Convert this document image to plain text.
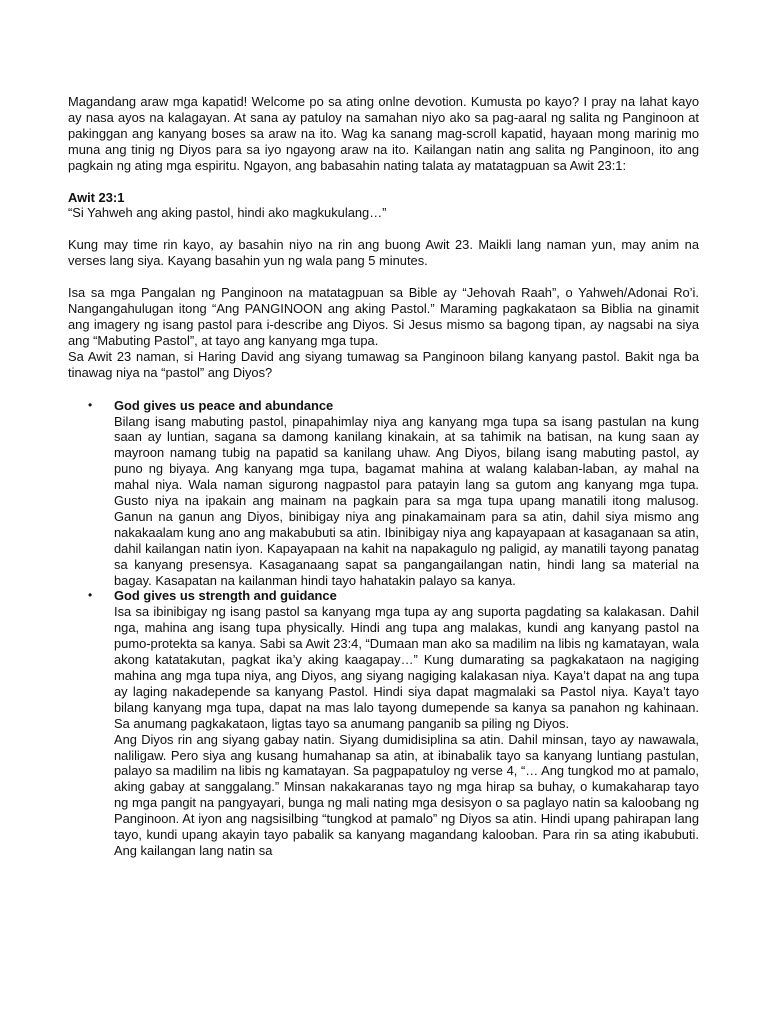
Magandang araw mga kapatid! Welcome po sa ating onlne devotion. Kumusta po kayo? I pray na lahat kayo ay nasa ayos na kalagayan. At sana ay patuloy na samahan niyo ako sa pag-aaral ng salita ng Panginoon at pakinggan ang kanyang boses sa araw na ito. Wag ka sanang mag-scroll kapatid, hayaan mong marinig mo muna ang tinig ng Diyos para sa iyo ngayong araw na ito. Kailangan natin ang salita ng Panginoon, ito ang pagkain ng ating mga espiritu. Ngayon, ang babasahin nating talata ay matatagpuan sa Awit 23:1:

Awit 23:1

“Si Yahweh ang aking pastol, hindi ako magkukulang…”

Kung may time rin kayo, ay basahin niyo na rin ang buong Awit 23. Maikli lang naman yun, may anim na verses lang siya. Kayang basahin yun ng wala pang 5 minutes.

Isa sa mga Pangalan ng Panginoon na matatagpuan sa Bible ay “Jehovah Raah”, o Yahweh/Adonai Ro’i. Nangangahulugan itong “Ang PANGINOON ang aking Pastol.” Maraming pagkakataon sa Biblia na ginamit ang imagery ng isang pastol para i-describe ang Diyos. Si Jesus mismo sa bagong tipan, ay nagsabi na siya ang “Mabuting Pastol”, at tayo ang kanyang mga tupa.

Sa Awit 23 naman, si Haring David ang siyang tumawag sa Panginoon bilang kanyang pastol. Bakit nga ba tinawag niya na “pastol” ang Diyos?

• God gives us peace and abundance

Bilang isang mabuting pastol, pinapahimlay niya ang kanyang mga tupa sa isang pastulan na kung saan ay luntian, sagana sa damong kanilang kinakain, at sa tahimik na batisan, na kung saan ay mayroon namang tubig na papatid sa kanilang uhaw. Ang Diyos, bilang isang mabuting pastol, ay puno ng biyaya. Ang kanyang mga tupa, bagamat mahina at walang kalaban-laban, ay mahal na mahal niya. Wala naman sigurong nagpastol para patayin lang sa gutom ang kanyang mga tupa. Gusto niya na ipakain ang mainam na pagkain para sa mga tupa upang manatili itong malusog. Ganun na ganun ang Diyos, binibigay niya ang pinakamainam para sa atin, dahil siya mismo ang nakakaalam kung ano ang makabubuti sa atin. Ibinibigay niya ang kapayapaan at kasaganaan sa atin, dahil kailangan natin iyon. Kapayapaan na kahit na napakagulo ng paligid, ay manatili tayong panatag sa kanyang presensya. Kasaganaang sapat sa pangangailangan natin, hindi lang sa material na bagay. Kasapatan na kailanman hindi tayo hahatakin palayo sa kanya.

• God gives us strength and guidance

Isa sa ibinibigay ng isang pastol sa kanyang mga tupa ay ang suporta pagdating sa kalakasan. Dahil nga, mahina ang isang tupa physically. Hindi ang tupa ang malakas, kundi ang kanyang pastol na pumo-protekta sa kanya. Sabi sa Awit 23:4, “Dumaan man ako sa madilim na libis ng kamatayan, wala akong katatakutan, pagkat ika’y aking kaagapay…” Kung dumarating sa pagkakataon na nagiging mahina ang mga tupa niya, ang Diyos, ang siyang nagiging kalakasan niya. Kaya’t dapat na ang tupa ay laging nakadepende sa kanyang Pastol. Hindi siya dapat magmalaki sa Pastol niya. Kaya’t tayo bilang kanyang mga tupa, dapat na mas lalo tayong dumepende sa kanya sa panahon ng kahinaan. Sa anumang pagkakataon, ligtas tayo sa anumang panganib sa piling ng Diyos.

Ang Diyos rin ang siyang gabay natin. Siyang dumidisiplina sa atin. Dahil minsan, tayo ay nawawala, naliligaw. Pero siya ang kusang humahanap sa atin, at ibinabalik tayo sa kanyang luntiang pastulan, palayo sa madilim na libis ng kamatayan. Sa pagpapatuloy ng verse 4, “… Ang tungkod mo at pamalo, aking gabay at sanggalang.” Minsan nakakaranas tayo ng mga hirap sa buhay, o kumakaharap tayo ng mga pangit na pangyayari, bunga ng mali nating mga desisyon o sa paglayo natin sa kaloobang ng Panginoon. At iyon ang nagsisilbing “tungkod at pamalo” ng Diyos sa atin. Hindi upang pahirapan lang tayo, kundi upang akayin tayo pabalik sa kanyang magandang kalooban. Para rin sa ating ikabubuti. Ang kailangan lang natin sa
